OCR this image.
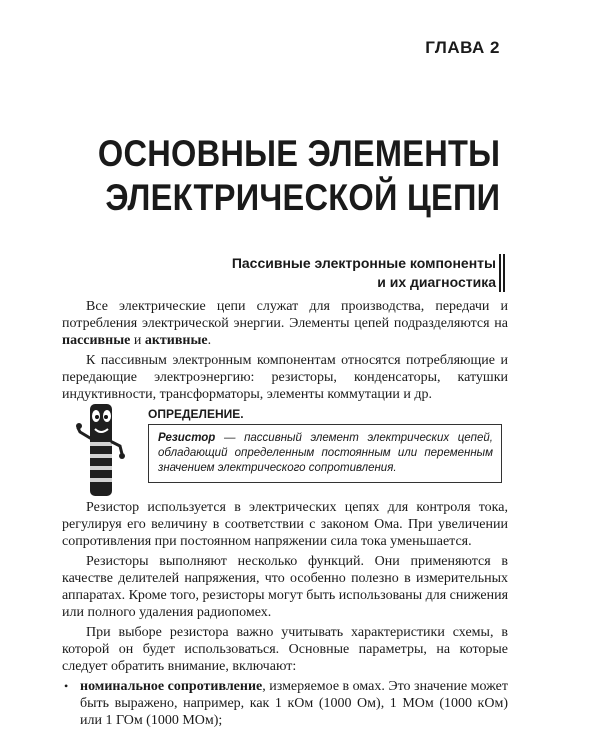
ГЛАВА 2
ОСНОВНЫЕ ЭЛЕМЕНТЫ
ЭЛЕКТРИЧЕСКОЙ ЦЕПИ
Пассивные электронные компоненты
и их диагностика

Все электрические цепи служат для производства, передачи и потребления электрической энергии. Элементы цепей подразделяются на пассивные и активные.

К пассивным электронным компонентам относятся потребляющие и передающие электроэнергию: резисторы, конденсаторы, катушки индуктивности, трансформаторы, элементы коммутации и др.

ОПРЕДЕЛЕНИЕ.
Резистор — пассивный элемент электрических цепей, обладающий определенным постоянным или переменным значением электрического сопротивления.

Резистор используется в электрических цепях для контроля тока, регулируя его величину в соответствии с законом Ома. При увеличении сопротивления при постоянном напряжении сила тока уменьшается.

Резисторы выполняют несколько функций. Они применяются в качестве делителей напряжения, что особенно полезно в измерительных аппаратах. Кроме того, резисторы могут быть использованы для снижения или полного удаления радиопомех.

При выборе резистора важно учитывать характеристики схемы, в которой он будет использоваться. Основные параметры, на которые следует обратить внимание, включают:

• номинальное сопротивление, измеряемое в омах. Это значение может быть выражено, например, как 1 кОм (1000 Ом), 1 МОм (1000 кОм) или 1 ГОм (1000 МОм);
